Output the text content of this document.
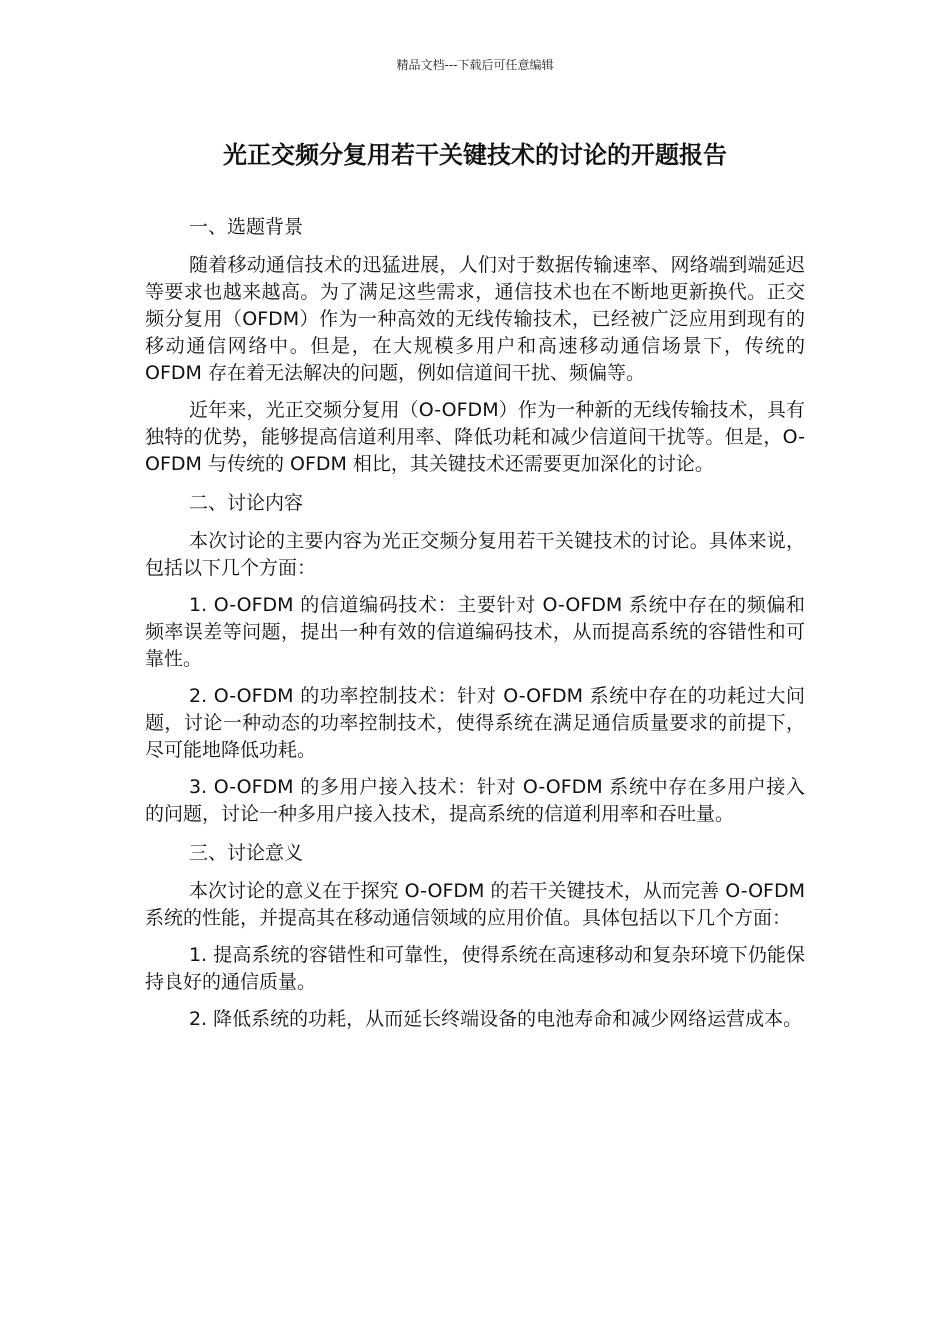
精品文档---下载后可任意编辑
光正交频分复用若干关键技术的讨论的开题报告
一、选题背景

随着移动通信技术的迅猛进展，人们对于数据传输速率、网络端到端延迟等要求也越来越高。为了满足这些需求，通信技术也在不断地更新换代。正交频分复用（OFDM）作为一种高效的无线传输技术，已经被广泛应用到现有的移动通信网络中。但是，在大规模多用户和高速移动通信场景下，传统的 OFDM 存在着无法解决的问题，例如信道间干扰、频偏等。

近年来，光正交频分复用（O-OFDM）作为一种新的无线传输技术，具有独特的优势，能够提高信道利用率、降低功耗和减少信道间干扰等。但是，O-OFDM 与传统的 OFDM 相比，其关键技术还需要更加深化的讨论。

二、讨论内容

本次讨论的主要内容为光正交频分复用若干关键技术的讨论。具体来说，包括以下几个方面：

1. O-OFDM 的信道编码技术：主要针对 O-OFDM 系统中存在的频偏和频率误差等问题，提出一种有效的信道编码技术，从而提高系统的容错性和可靠性。

2. O-OFDM 的功率控制技术：针对 O-OFDM 系统中存在的功耗过大问题，讨论一种动态的功率控制技术，使得系统在满足通信质量要求的前提下，尽可能地降低功耗。

3. O-OFDM 的多用户接入技术：针对 O-OFDM 系统中存在多用户接入的问题，讨论一种多用户接入技术，提高系统的信道利用率和吞吐量。

三、讨论意义

本次讨论的意义在于探究 O-OFDM 的若干关键技术，从而完善 O-OFDM 系统的性能，并提高其在移动通信领域的应用价值。具体包括以下几个方面：

1. 提高系统的容错性和可靠性，使得系统在高速移动和复杂环境下仍能保持良好的通信质量。

2. 降低系统的功耗，从而延长终端设备的电池寿命和减少网络运营成本。
